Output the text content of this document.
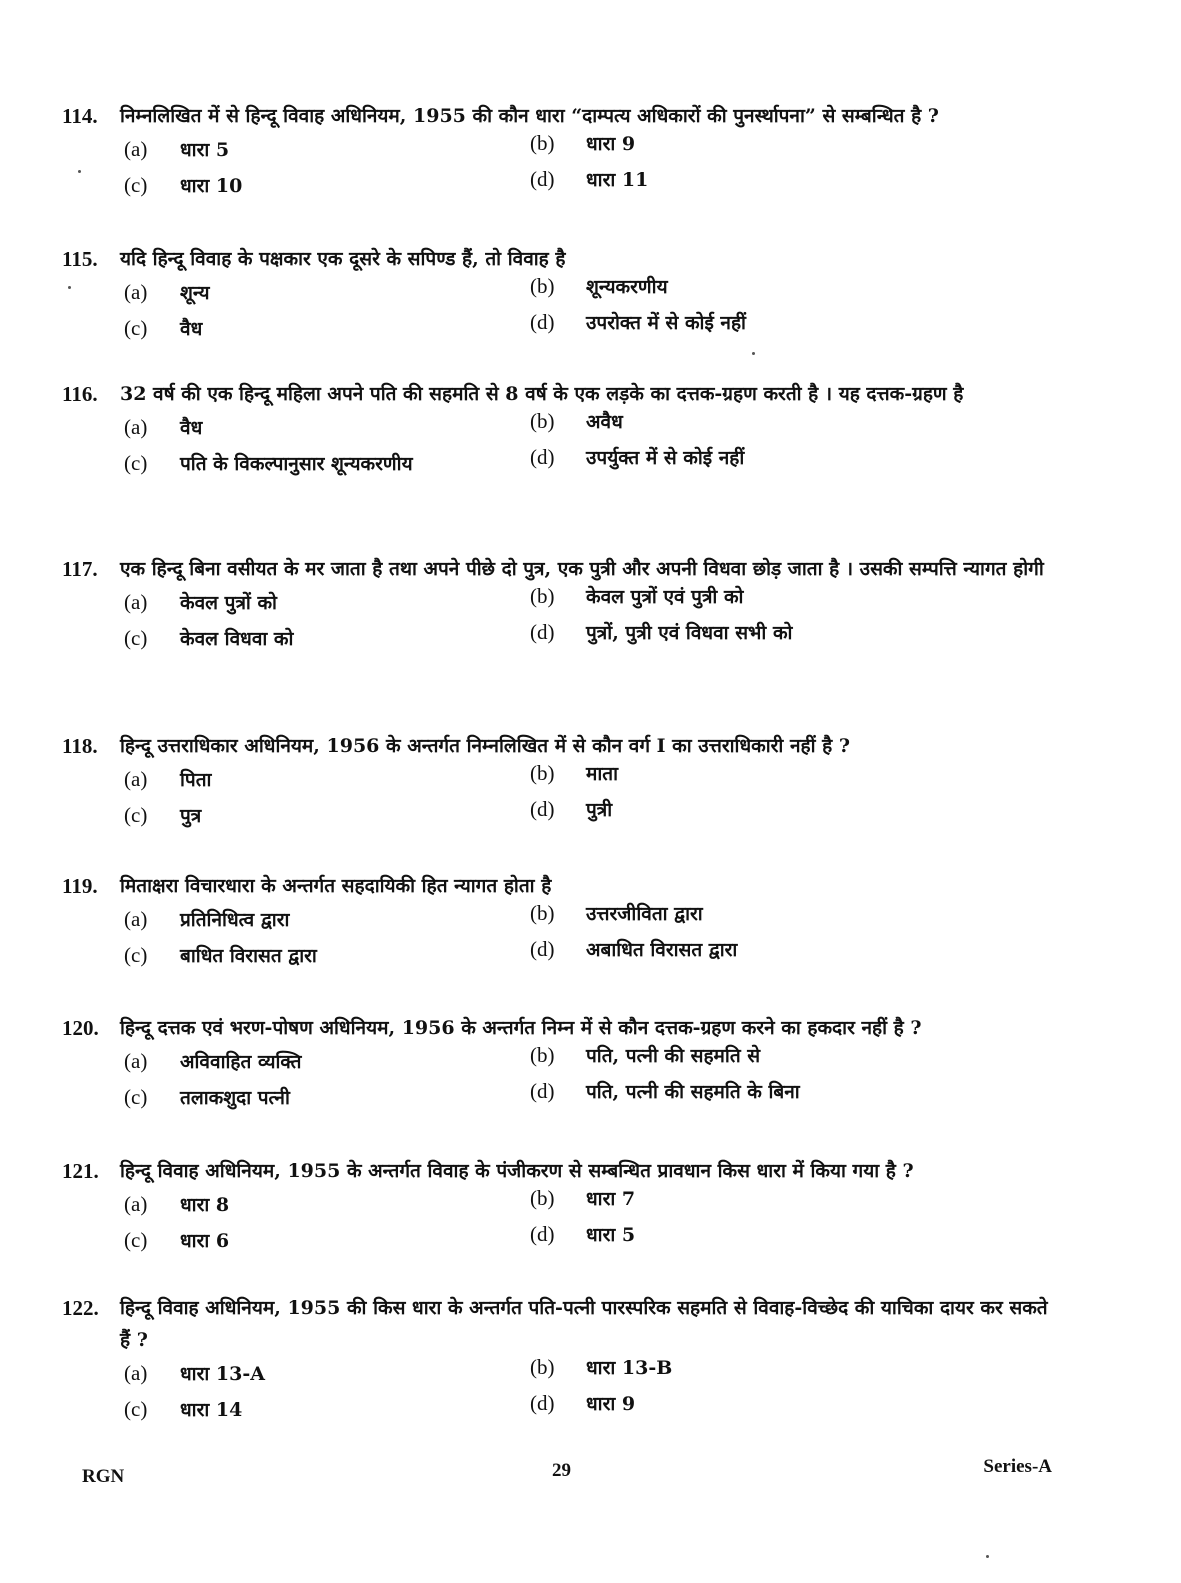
114.	निम्नलिखित में से हिन्दू विवाह अधिनियम, 1955 की कौन धारा “दाम्पत्य अधिकारों की पुनर्स्थापना” से सम्बन्धित है ?
(a)	धारा 5	(b)	धारा 9
(c)	धारा 10	(d)	धारा 11
115.	यदि हिन्दू विवाह के पक्षकार एक दूसरे के सपिण्ड हैं, तो विवाह है
(a)	शून्य	(b)	शून्यकरणीय
(c)	वैध	(d)	उपरोक्त में से कोई नहीं
116.	32 वर्ष की एक हिन्दू महिला अपने पति की सहमति से 8 वर्ष के एक लड़के का दत्तक-ग्रहण करती है । यह दत्तक-ग्रहण है
(a)	वैध	(b)	अवैध
(c)	पति के विकल्पानुसार शून्यकरणीय	(d)	उपर्युक्त में से कोई नहीं
117.	एक हिन्दू बिना वसीयत के मर जाता है तथा अपने पीछे दो पुत्र, एक पुत्री और अपनी विधवा छोड़ जाता है । उसकी सम्पत्ति न्यागत होगी
(a)	केवल पुत्रों को	(b)	केवल पुत्रों एवं पुत्री को
(c)	केवल विधवा को	(d)	पुत्रों, पुत्री एवं विधवा सभी को
118.	हिन्दू उत्तराधिकार अधिनियम, 1956 के अन्तर्गत निम्नलिखित में से कौन वर्ग I का उत्तराधिकारी नहीं है ?
(a)	पिता	(b)	माता
(c)	पुत्र	(d)	पुत्री
119.	मिताक्षरा विचारधारा के अन्तर्गत सहदायिकी हित न्यागत होता है
(a)	प्रतिनिधित्व द्वारा	(b)	उत्तरजीविता द्वारा
(c)	बाधित विरासत द्वारा	(d)	अबाधित विरासत द्वारा
120.	हिन्दू दत्तक एवं भरण-पोषण अधिनियम, 1956 के अन्तर्गत निम्न में से कौन दत्तक-ग्रहण करने का हकदार नहीं है ?
(a)	अविवाहित व्यक्ति	(b)	पति, पत्नी की सहमति से
(c)	तलाकशुदा पत्नी	(d)	पति, पत्नी की सहमति के बिना
121.	हिन्दू विवाह अधिनियम, 1955 के अन्तर्गत विवाह के पंजीकरण से सम्बन्धित प्रावधान किस धारा में किया गया है ?
(a)	धारा 8	(b)	धारा 7
(c)	धारा 6	(d)	धारा 5
122.	हिन्दू विवाह अधिनियम, 1955 की किस धारा के अन्तर्गत पति-पत्नी पारस्परिक सहमति से विवाह-विच्छेद की याचिका दायर कर सकते हैं ?
(a)	धारा 13-A	(b)	धारा 13-B
(c)	धारा 14	(d)	धारा 9
RGN	29	Series-A
